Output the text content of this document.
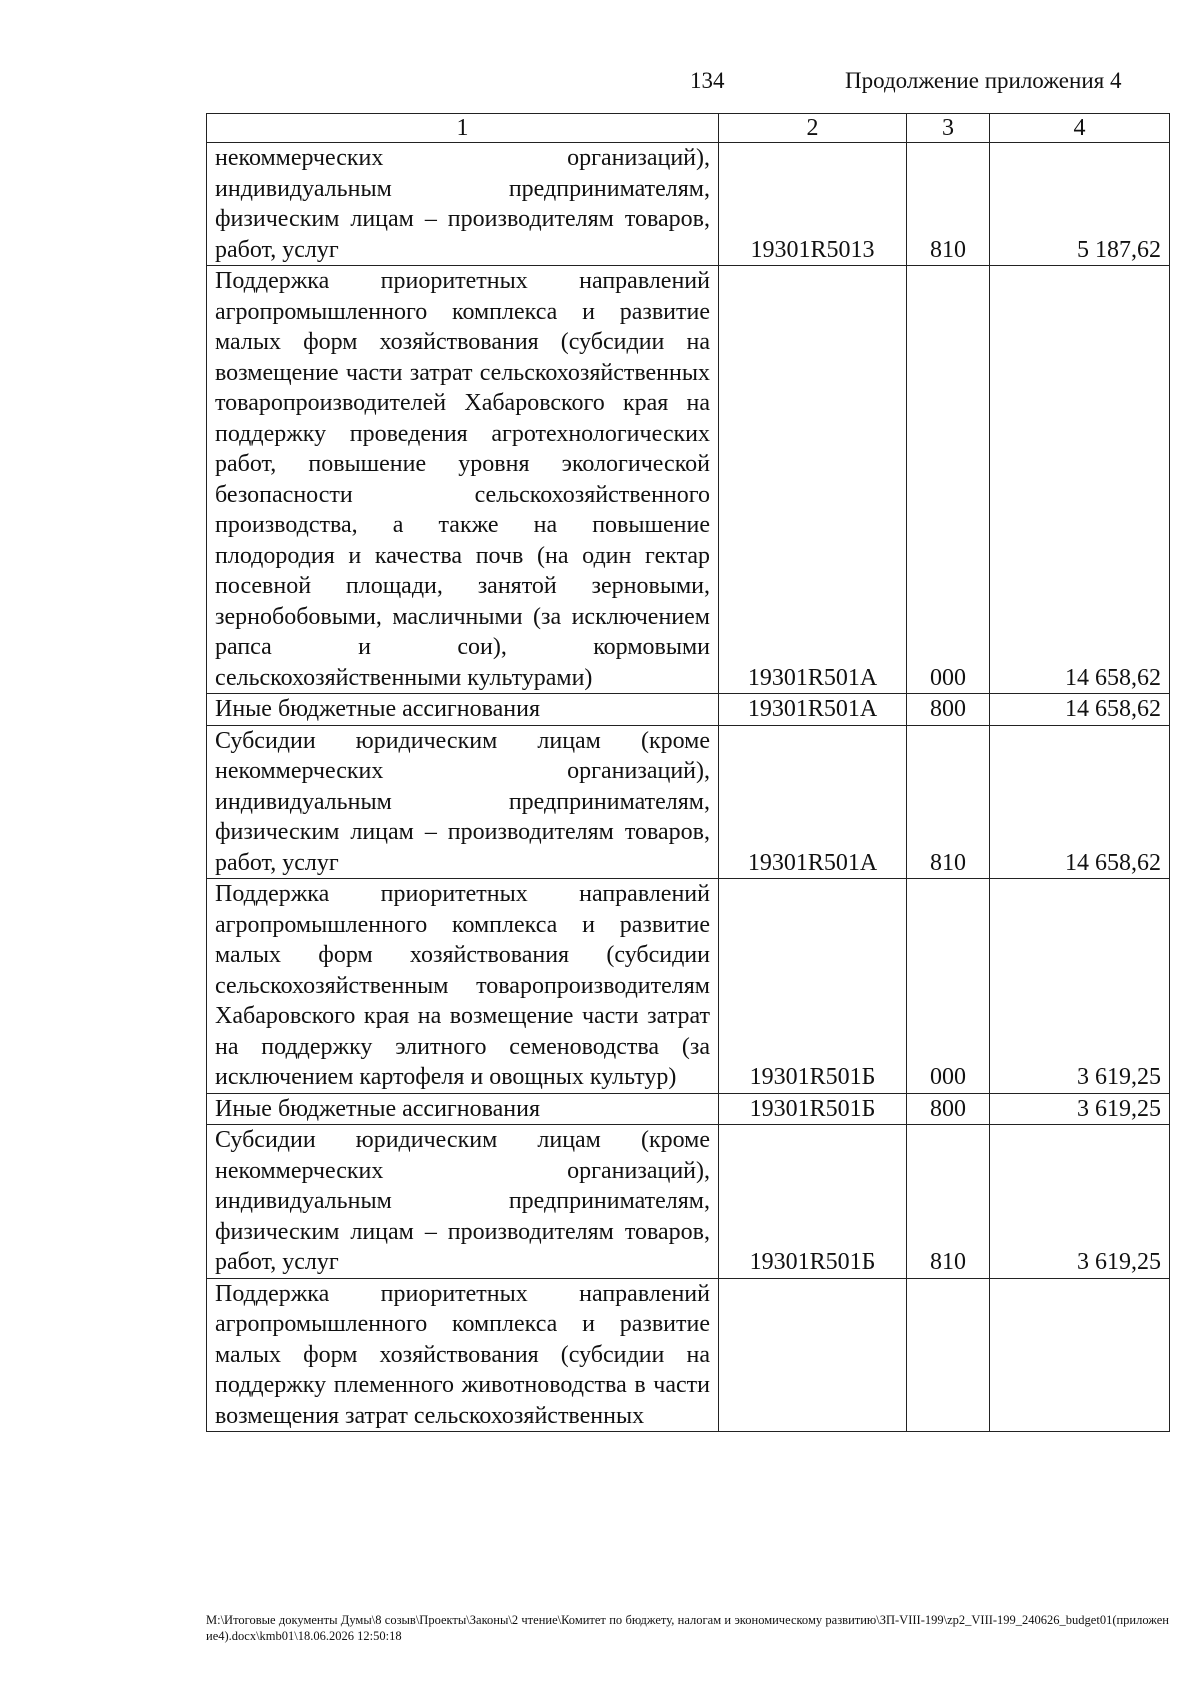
134	Продолжение приложения 4
1	2	3	4
некоммерческих организаций), индивидуальным предпринимателям, физическим лицам – производителям товаров, работ, услуг	19301R5013	810	5 187,62
Поддержка приоритетных направлений агропромышленного комплекса и развитие малых форм хозяйствования (субсидии на возмещение части затрат сельскохозяйственных товаропроизводителей Хабаровского края на поддержку проведения агротехнологических работ, повышение уровня экологической безопасности сельскохозяйственного производства, а также на повышение плодородия и качества почв (на один гектар посевной площади, занятой зерновыми, зернобобовыми, масличными (за исключением рапса и сои), кормовыми сельскохозяйственными культурами)	19301R501A	000	14 658,62
Иные бюджетные ассигнования	19301R501A	800	14 658,62
Субсидии юридическим лицам (кроме некоммерческих организаций), индивидуальным предпринимателям, физическим лицам – производителям товаров, работ, услуг	19301R501A	810	14 658,62
Поддержка приоритетных направлений агропромышленного комплекса и развитие малых форм хозяйствования (субсидии сельскохозяйственным товаропроизводителям Хабаровского края на возмещение части затрат на поддержку элитного семеноводства (за исключением картофеля и овощных культур)	19301R501Б	000	3 619,25
Иные бюджетные ассигнования	19301R501Б	800	3 619,25
Субсидии юридическим лицам (кроме некоммерческих организаций), индивидуальным предпринимателям, физическим лицам – производителям товаров, работ, услуг	19301R501Б	810	3 619,25
Поддержка приоритетных направлений агропромышленного комплекса и развитие малых форм хозяйствования (субсидии на поддержку племенного животноводства в части возмещения затрат сельскохозяйственных			
M:\Итоговые документы Думы\8 созыв\Проекты\Законы\2 чтение\Комитет по бюджету, налогам и экономическому развитию\ЗП-VIII-199\zp2_VIII-199_240626_budget01(приложение4).docx\kmb01\18.06.2026 12:50:18
